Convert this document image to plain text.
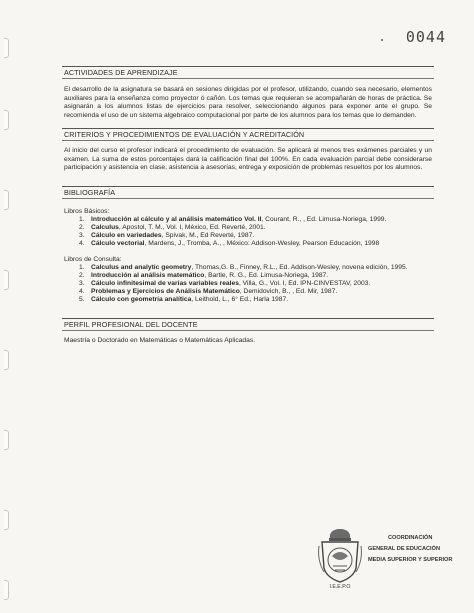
0044
ACTIVIDADES DE APRENDIZAJE

El desarrollo de la asignatura se basará en sesiones dirigidas por el profesor, utilizando, cuando sea necesario, elementos auxiliares para la enseñanza como proyector ó cañón. Los temas que requieran se acompañarán de horas de práctica. Se asignarán a los alumnos listas de ejercicios para resolver, seleccionando algunos para exponer ante el grupo. Se recomienda el uso de un sistema algebraico computacional por parte de los alumnos para los temas que lo demanden.

CRITERIOS Y PROCEDIMIENTOS DE EVALUACIÓN Y ACREDITACIÓN

Al inicio del curso el profesor indicará el procedimiento de evaluación. Se aplicará al menos tres exámenes parciales y un examen. La suma de estos porcentajes dará la calificación final del 100%. En cada evaluación parcial debe considerarse participación y asistencia en clase, asistencia a asesorías, entrega y exposición de problemas resueltos por los alumnos.

BIBLIOGRAFÍA
Libros Básicos:
1. Introducción al cálculo y al análisis matemático Vol. II, Courant, R., , Ed. Limusa-Noriega, 1999.
2. Calculus, Apostol, T. M., Vol. I, México, Ed. Reverté, 2001.
3. Cálculo en variedades, Spivak, M., Ed Reverté, 1987.
4. Cálculo vectorial, Mardens, J., Tromba, A., , México: Addison-Wesley, Pearson Educación, 1998
Libros de Consulta:
1. Calculus and analytic geometry, Thomas,G. B., Finney, R.L., Ed. Addison-Wesley, novena edición, 1995.
2. Introducción al análisis matemático, Bartle, R. G., Ed. Limusa-Noriega, 1987.
3. Cálculo infinitesimal de varias variables reales, Villa, G., Vol. I, Ed. IPN-CINVESTAV, 2003.
4. Problemas y Ejercicios de Análisis Matemático, Demidovich, B., , Ed. Mir, 1987.
5. Cálculo con geometría analítica, Leithold, L., 6° Ed., Harla 1987.
PERFIL PROFESIONAL DEL DOCENTE

Maestría o Doctorado en Matemáticas o Matemáticas Aplicadas.

I.E.E.P.O
COORDINACIÓN
GENERAL DE EDUCACIÓN
MEDIA SUPERIOR Y SUPERIOR
